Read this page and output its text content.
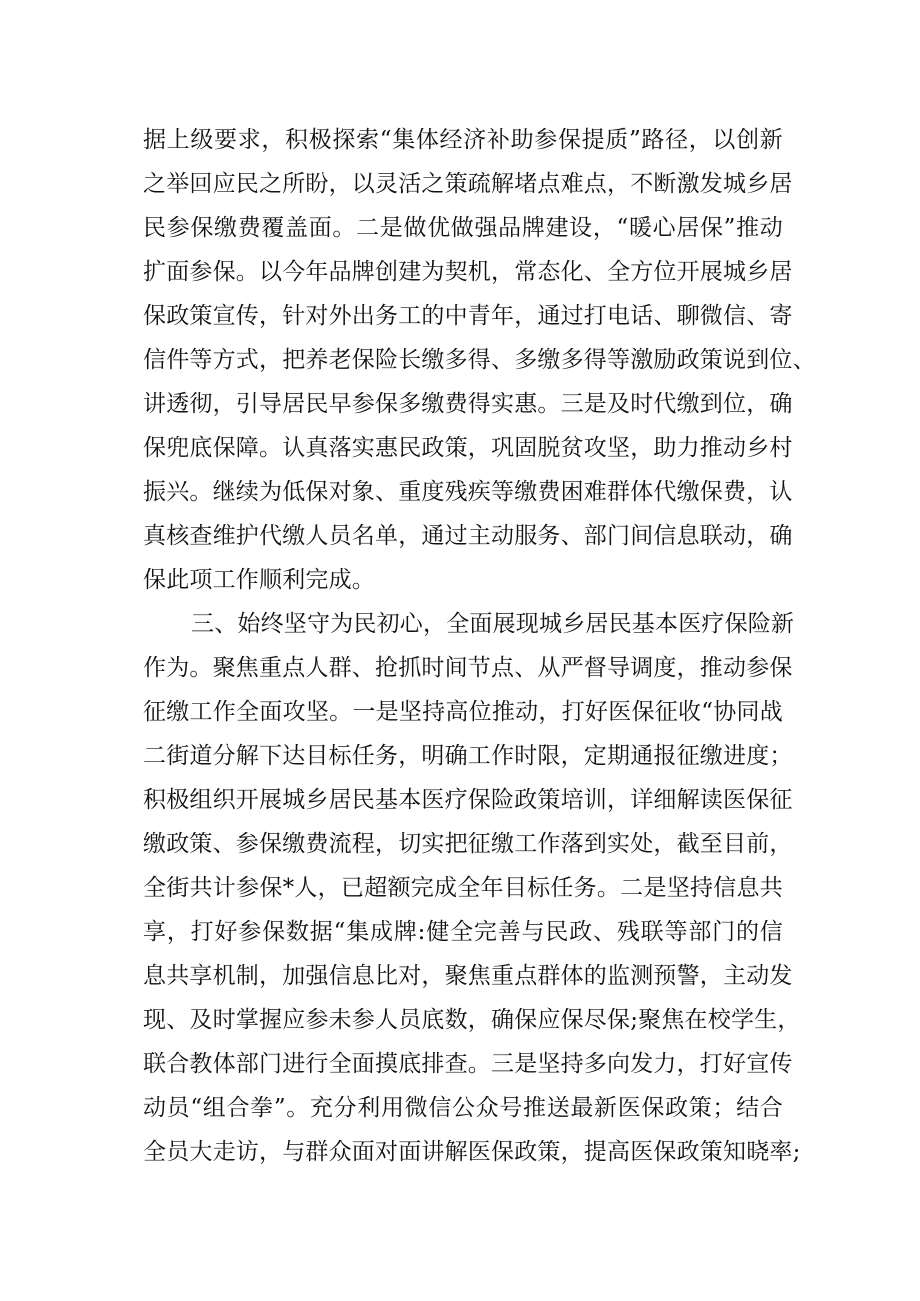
据上级要求，积极探索“集体经济补助参保提质”路径，以创新
之举回应民之所盼，以灵活之策疏解堵点难点，不断激发城乡居
民参保缴费覆盖面。二是做优做强品牌建设，“暖心居保”推动
扩面参保。以今年品牌创建为契机，常态化、全方位开展城乡居
保政策宣传，针对外出务工的中青年，通过打电话、聊微信、寄
信件等方式，把养老保险长缴多得、多缴多得等激励政策说到位、
讲透彻，引导居民早参保多缴费得实惠。三是及时代缴到位，确
保兜底保障。认真落实惠民政策，巩固脱贫攻坚，助力推动乡村
振兴。继续为低保对象、重度残疾等缴费困难群体代缴保费，认
真核查维护代缴人员名单，通过主动服务、部门间信息联动，确
保此项工作顺利完成。
三、始终坚守为民初心，全面展现城乡居民基本医疗保险新
作为。聚焦重点人群、抢抓时间节点、从严督导调度，推动参保
征缴工作全面攻坚。一是坚持高位推动，打好医保征收“协同战
二街道分解下达目标任务，明确工作时限，定期通报征缴进度；
积极组织开展城乡居民基本医疗保险政策培训，详细解读医保征
缴政策、参保缴费流程，切实把征缴工作落到实处，截至目前，
全街共计参保*人，已超额完成全年目标任务。二是坚持信息共
享，打好参保数据“集成牌:健全完善与民政、残联等部门的信
息共享机制，加强信息比对，聚焦重点群体的监测预警，主动发
现、及时掌握应参未参人员底数，确保应保尽保;聚焦在校学生，
联合教体部门进行全面摸底排查。三是坚持多向发力，打好宣传
动员“组合拳”。充分利用微信公众号推送最新医保政策；结合
全员大走访，与群众面对面讲解医保政策，提高医保政策知晓率;
